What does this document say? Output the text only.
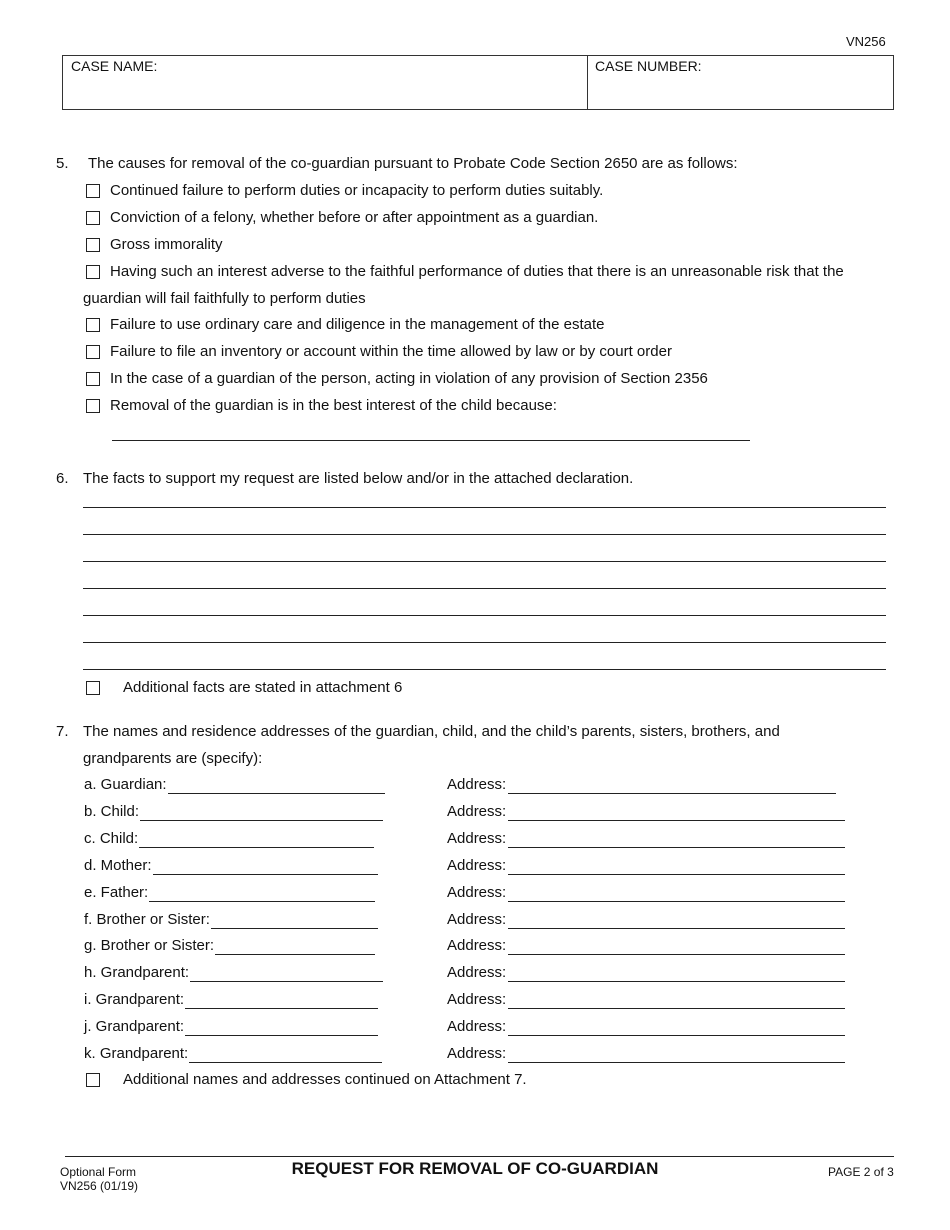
VN256
CASE NAME:	CASE NUMBER:
5. The causes for removal of the co-guardian pursuant to Probate Code Section 2650 are as follows:
Continued failure to perform duties or incapacity to perform duties suitably.
Conviction of a felony, whether before or after appointment as a guardian.
Gross immorality
Having such an interest adverse to the faithful performance of duties that there is an unreasonable risk that the
guardian will fail faithfully to perform duties
Failure to use ordinary care and diligence in the management of the estate
Failure to file an inventory or account within the time allowed by law or by court order
In the case of a guardian of the person, acting in violation of any provision of Section 2356
Removal of the guardian is in the best interest of the child because:
6. The facts to support my request are listed below and/or in the attached declaration.
Additional facts are stated in attachment 6
7. The names and residence addresses of the guardian, child, and the child’s parents, sisters, brothers, and
grandparents are (specify):
a. Guardian:	Address:
b. Child:	Address:
c. Child:	Address:
d. Mother:	Address:
e. Father:	Address:
f. Brother or Sister:	Address:
g. Brother or Sister:	Address:
h. Grandparent:	Address:
i. Grandparent:	Address:
j. Grandparent:	Address:
k. Grandparent:	Address:
Additional names and addresses continued on Attachment 7.
Optional Form
VN256 (01/19)
REQUEST FOR REMOVAL OF CO-GUARDIAN	PAGE 2 of 3
